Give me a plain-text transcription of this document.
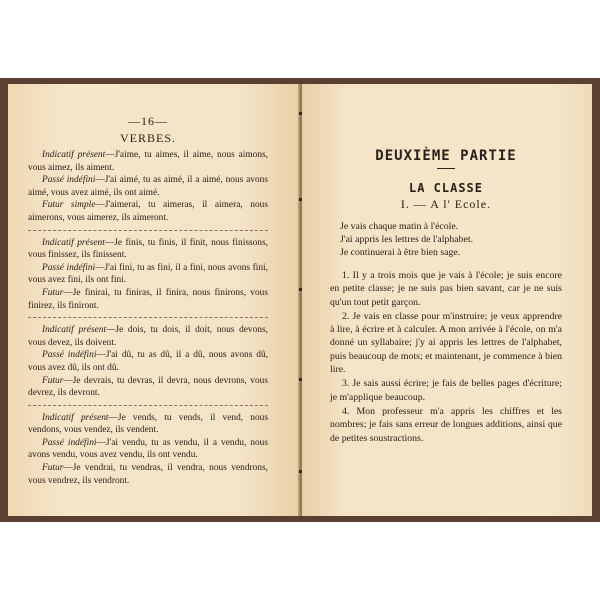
—16—
VERBES.
Indicatif présent—J'aime, tu aimes, il aime, nous aimons, vous aimez, ils aiment.
Passé indéfini—J'ai aimé, tu as aimé, il a aimé, nous avons aimé, vous avez aimé, ils ont aimé.
Futur simple—J'aimerai, tu aimeras, il aimera, nous aimerons, vous aimerez, ils aimeront.
Indicatif présent—Je finis, tu finis, il finit, nous finissons, vous finissez, ils finissent.
Passé indéfini—J'ai fini, tu as fini, il a fini, nous avons fini, vous avez fini, ils ont fini.
Futur—Je finirai, tu finiras, il finira, nous finirons, vous finirez, ils finiront.
Indicatif présent—Je dois, tu dois, il doit, nous devons, vous devez, ils doivent.
Passé indéfini—J'ai dû, tu as dû, il a dû, nous avons dû, vous avez dû, ils ont dû.
Futur—Je devrais, tu devras, il devra, nous devrons, vous devrez, ils devront.
Indicatif présent—Je vends, tu vends, il vend, nous vendons, vous vendez, ils vendent.
Passé indéfini—J'ai vendu, tu as vendu, il a vendu, nous avons vendu, vous avez vendu, ils ont vendu.
Futur—Je vendrai, tu vendras, il vendra, nous vendrons, vous vendrez, ils vendront.
DEUXIÈME PARTIE
LA CLASSE
I. — A l' Ecole.
Je vais chaque matin à l'école.
J'ai appris les lettres de l'alphabet.
Je continuerai à être bien sage.

1. Il y a trois mois que je vais à l'école; je suis encore en petite classe; je ne suis pas bien savant, car je ne suis qu'un tout petit garçon.

2. Je vais en classe pour m'instruire; je veux apprendre à lire, à écrire et à calculer. A mon arrivée à l'école, on m'a donné un syllabaire; j'y ai appris les lettres de l'alphabet, puis beaucoup de mots; et maintenant, je commence à bien lire.

3. Je sais aussi écrire; je fais de belles pages d'écriture; je m'applique beaucoup.

4. Mon professeur m'a appris les chiffres et les nombres; je fais sans erreur de longues additions, ainsi que de petites soustractions.
